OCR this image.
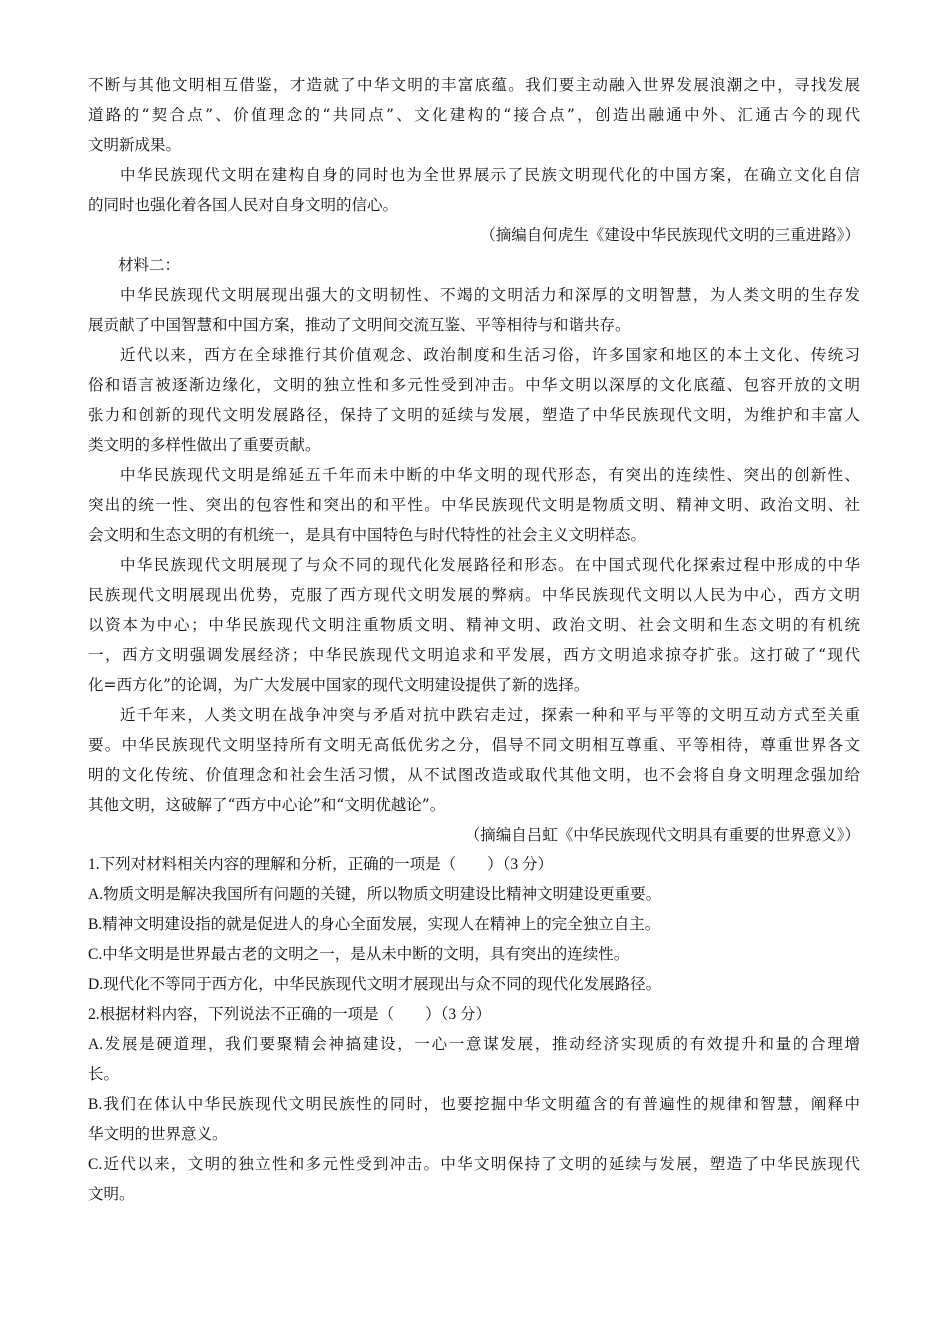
不断与其他文明相互借鉴，才造就了中华文明的丰富底蕴。我们要主动融入世界发展浪潮之中，寻找发展
道路的“契合点”、价值理念的“共同点”、文化建构的“接合点”，创造出融通中外、汇通古今的现代
文明新成果。
中华民族现代文明在建构自身的同时也为全世界展示了民族文明现代化的中国方案，在确立文化自信
的同时也强化着各国人民对自身文明的信心。
（摘编自何虎生《建设中华民族现代文明的三重进路》）
材料二：
中华民族现代文明展现出强大的文明韧性、不竭的文明活力和深厚的文明智慧，为人类文明的生存发
展贡献了中国智慧和中国方案，推动了文明间交流互鉴、平等相待与和谐共存。
近代以来，西方在全球推行其价值观念、政治制度和生活习俗，许多国家和地区的本土文化、传统习
俗和语言被逐渐边缘化，文明的独立性和多元性受到冲击。中华文明以深厚的文化底蕴、包容开放的文明
张力和创新的现代文明发展路径，保持了文明的延续与发展，塑造了中华民族现代文明，为维护和丰富人
类文明的多样性做出了重要贡献。
中华民族现代文明是绵延五千年而未中断的中华文明的现代形态，有突出的连续性、突出的创新性、
突出的统一性、突出的包容性和突出的和平性。中华民族现代文明是物质文明、精神文明、政治文明、社
会文明和生态文明的有机统一，是具有中国特色与时代特性的社会主义文明样态。
中华民族现代文明展现了与众不同的现代化发展路径和形态。在中国式现代化探索过程中形成的中华
民族现代文明展现出优势，克服了西方现代文明发展的弊病。中华民族现代文明以人民为中心，西方文明
以资本为中心；中华民族现代文明注重物质文明、精神文明、政治文明、社会文明和生态文明的有机统
一，西方文明强调发展经济；中华民族现代文明追求和平发展，西方文明追求掠夺扩张。这打破了“现代
化=西方化”的论调，为广大发展中国家的现代文明建设提供了新的选择。
近千年来，人类文明在战争冲突与矛盾对抗中跌宕走过，探索一种和平与平等的文明互动方式至关重
要。中华民族现代文明坚持所有文明无高低优劣之分，倡导不同文明相互尊重、平等相待，尊重世界各文
明的文化传统、价值理念和社会生活习惯，从不试图改造或取代其他文明，也不会将自身文明理念强加给
其他文明，这破解了“西方中心论”和“文明优越论”。
（摘编自吕虹《中华民族现代文明具有重要的世界意义》）
1.下列对材料相关内容的理解和分析，正确的一项是（　　）（3 分）
A.物质文明是解决我国所有问题的关键，所以物质文明建设比精神文明建设更重要。
B.精神文明建设指的就是促进人的身心全面发展，实现人在精神上的完全独立自主。
C.中华文明是世界最古老的文明之一，是从未中断的文明，具有突出的连续性。
D.现代化不等同于西方化，中华民族现代文明才展现出与众不同的现代化发展路径。
2.根据材料内容，下列说法不正确的一项是（　　）（3 分）
A.发展是硬道理，我们要聚精会神搞建设，一心一意谋发展，推动经济实现质的有效提升和量的合理增
长。
B.我们在体认中华民族现代文明民族性的同时，也要挖掘中华文明蕴含的有普遍性的规律和智慧，阐释中
华文明的世界意义。
C.近代以来，文明的独立性和多元性受到冲击。中华文明保持了文明的延续与发展，塑造了中华民族现代
文明。
